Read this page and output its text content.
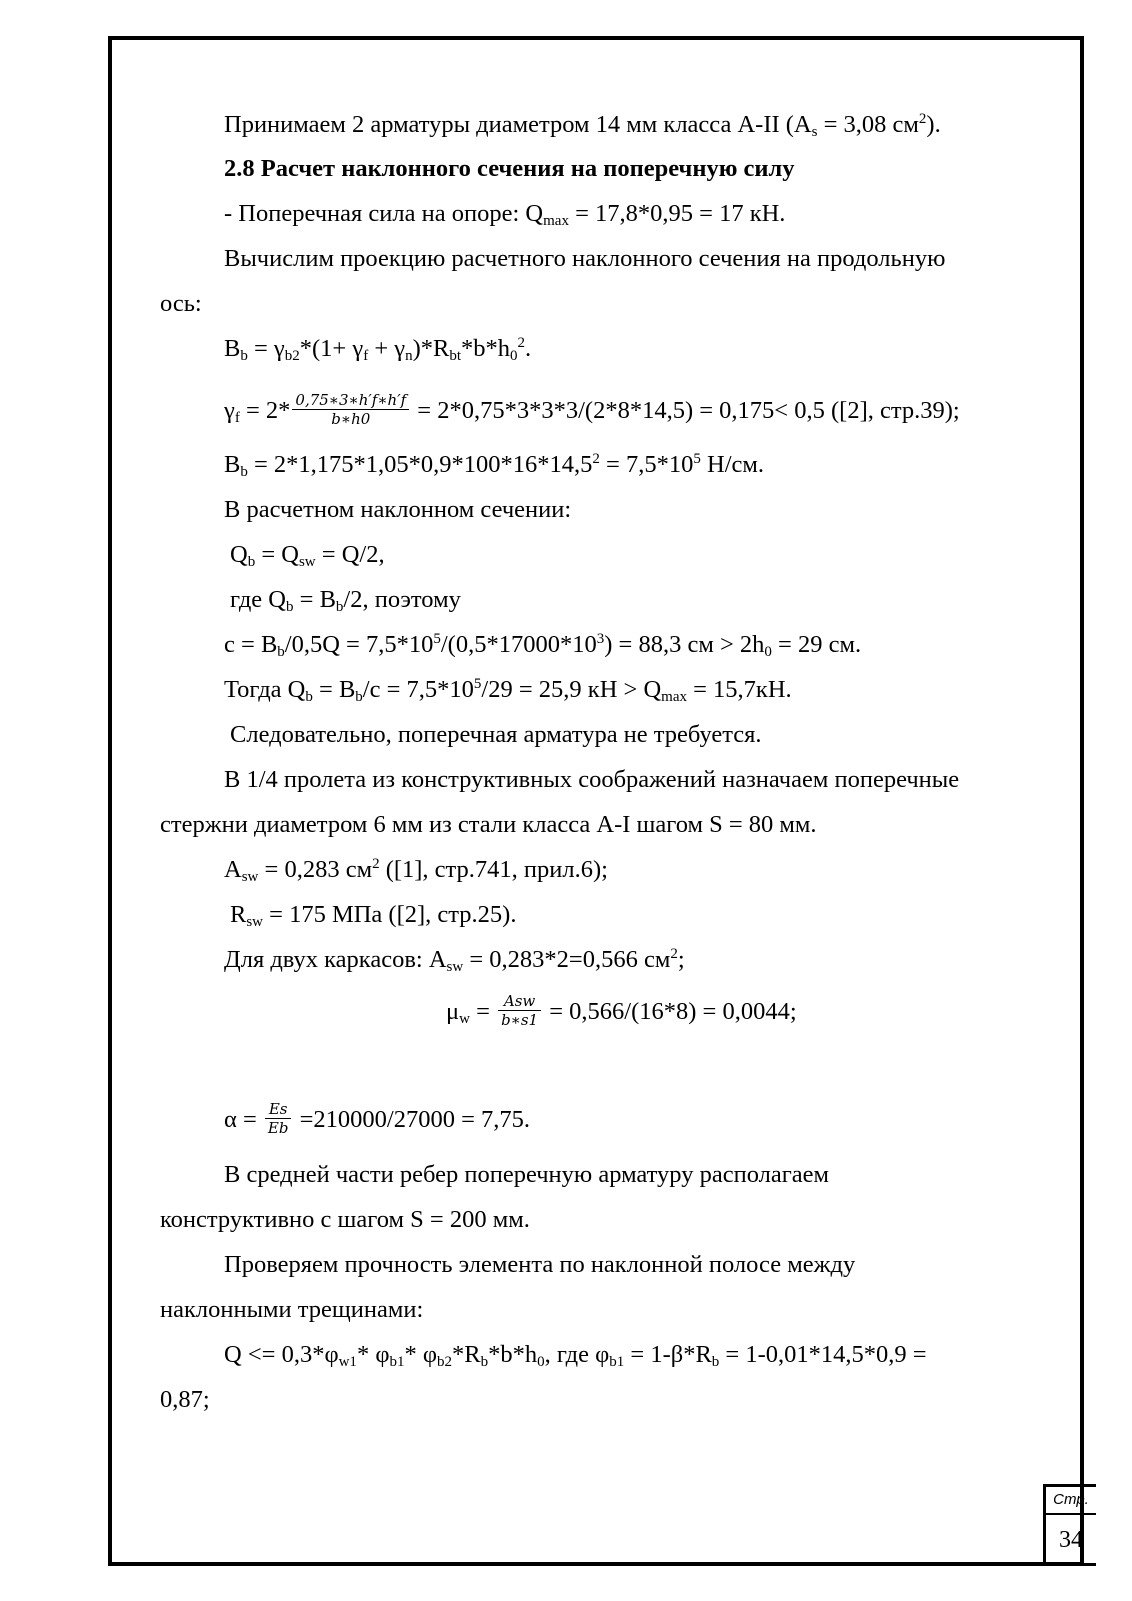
Принимаем 2 арматуры диаметром 14 мм класса A-II ($A_s = 3,08$ $см^2$).
2.8 Расчет наклонного сечения на поперечную силу
- Поперечная сила на опоре: $Q_{max} = 17,8*0,95 = 17$ кН.
Вычислим проекцию расчетного наклонного сечения на продольную
ось:
$B_b = \gamma_{b2}*(1+ \gamma_f + \gamma_n)*R_{bt}*b*h_0^2$.
$\gamma_f = 2* \frac{0,75∗3∗h'f∗h'f}{b∗h0} = 2*0,75*3*3*3/(2*8*14,5) = 0,175< 0,5$ ([2], стр.39);
$B_b = 2*1,175*1,05*0,9*100*16*14,5^2 = 7,5*10^5$ Н/см.
В расчетном наклонном сечении:
$Q_b = Q_{sw} = Q/2$,
где $Q_b = B_b/2$, поэтому
$c = B_b/0,5Q = 7,5*10^5/(0,5*17000*10^3) = 88,3$ см > $2h_0 = 29$ см.
Тогда $Q_b = B_b/c = 7,5*10^5/29 = 25,9$ кН > $Q_{max} = 15,7кН$.
Следовательно, поперечная арматура не требуется.
В 1/4 пролета из конструктивных соображений назначаем поперечные
стержни диаметром 6 мм из стали класса A-I шагом S = 80 мм.
$A_{sw} = 0,283$ $см^2$ ([1], стр.741, прил.6);
$R_{sw} = 175$ МПа ([2], стр.25).
Для двух каркасов: $A_{sw} = 0,283*2=0,566$ $см^2$;
$\mu_w = \frac{\text{Asw}}{b∗s1} = 0,566/(16*8) = 0,0044$;
$\alpha = \frac{Es}{Eb} =210000/27000 = 7,75$.
В средней части ребер поперечную арматуру располагаем
конструктивно с шагом S = 200 мм.
Проверяем прочность элемента по наклонной полосе между
наклонными трещинами:
$Q <= 0,3*\varphi_{w1}*$ $\varphi_{b1}*$ $\varphi_{b2}*R_b*b*h_0$, где $\varphi_{b1} = 1-\beta*R_b = 1-0,01*14,5*0,9$ =
0,87;
Стр.
34
